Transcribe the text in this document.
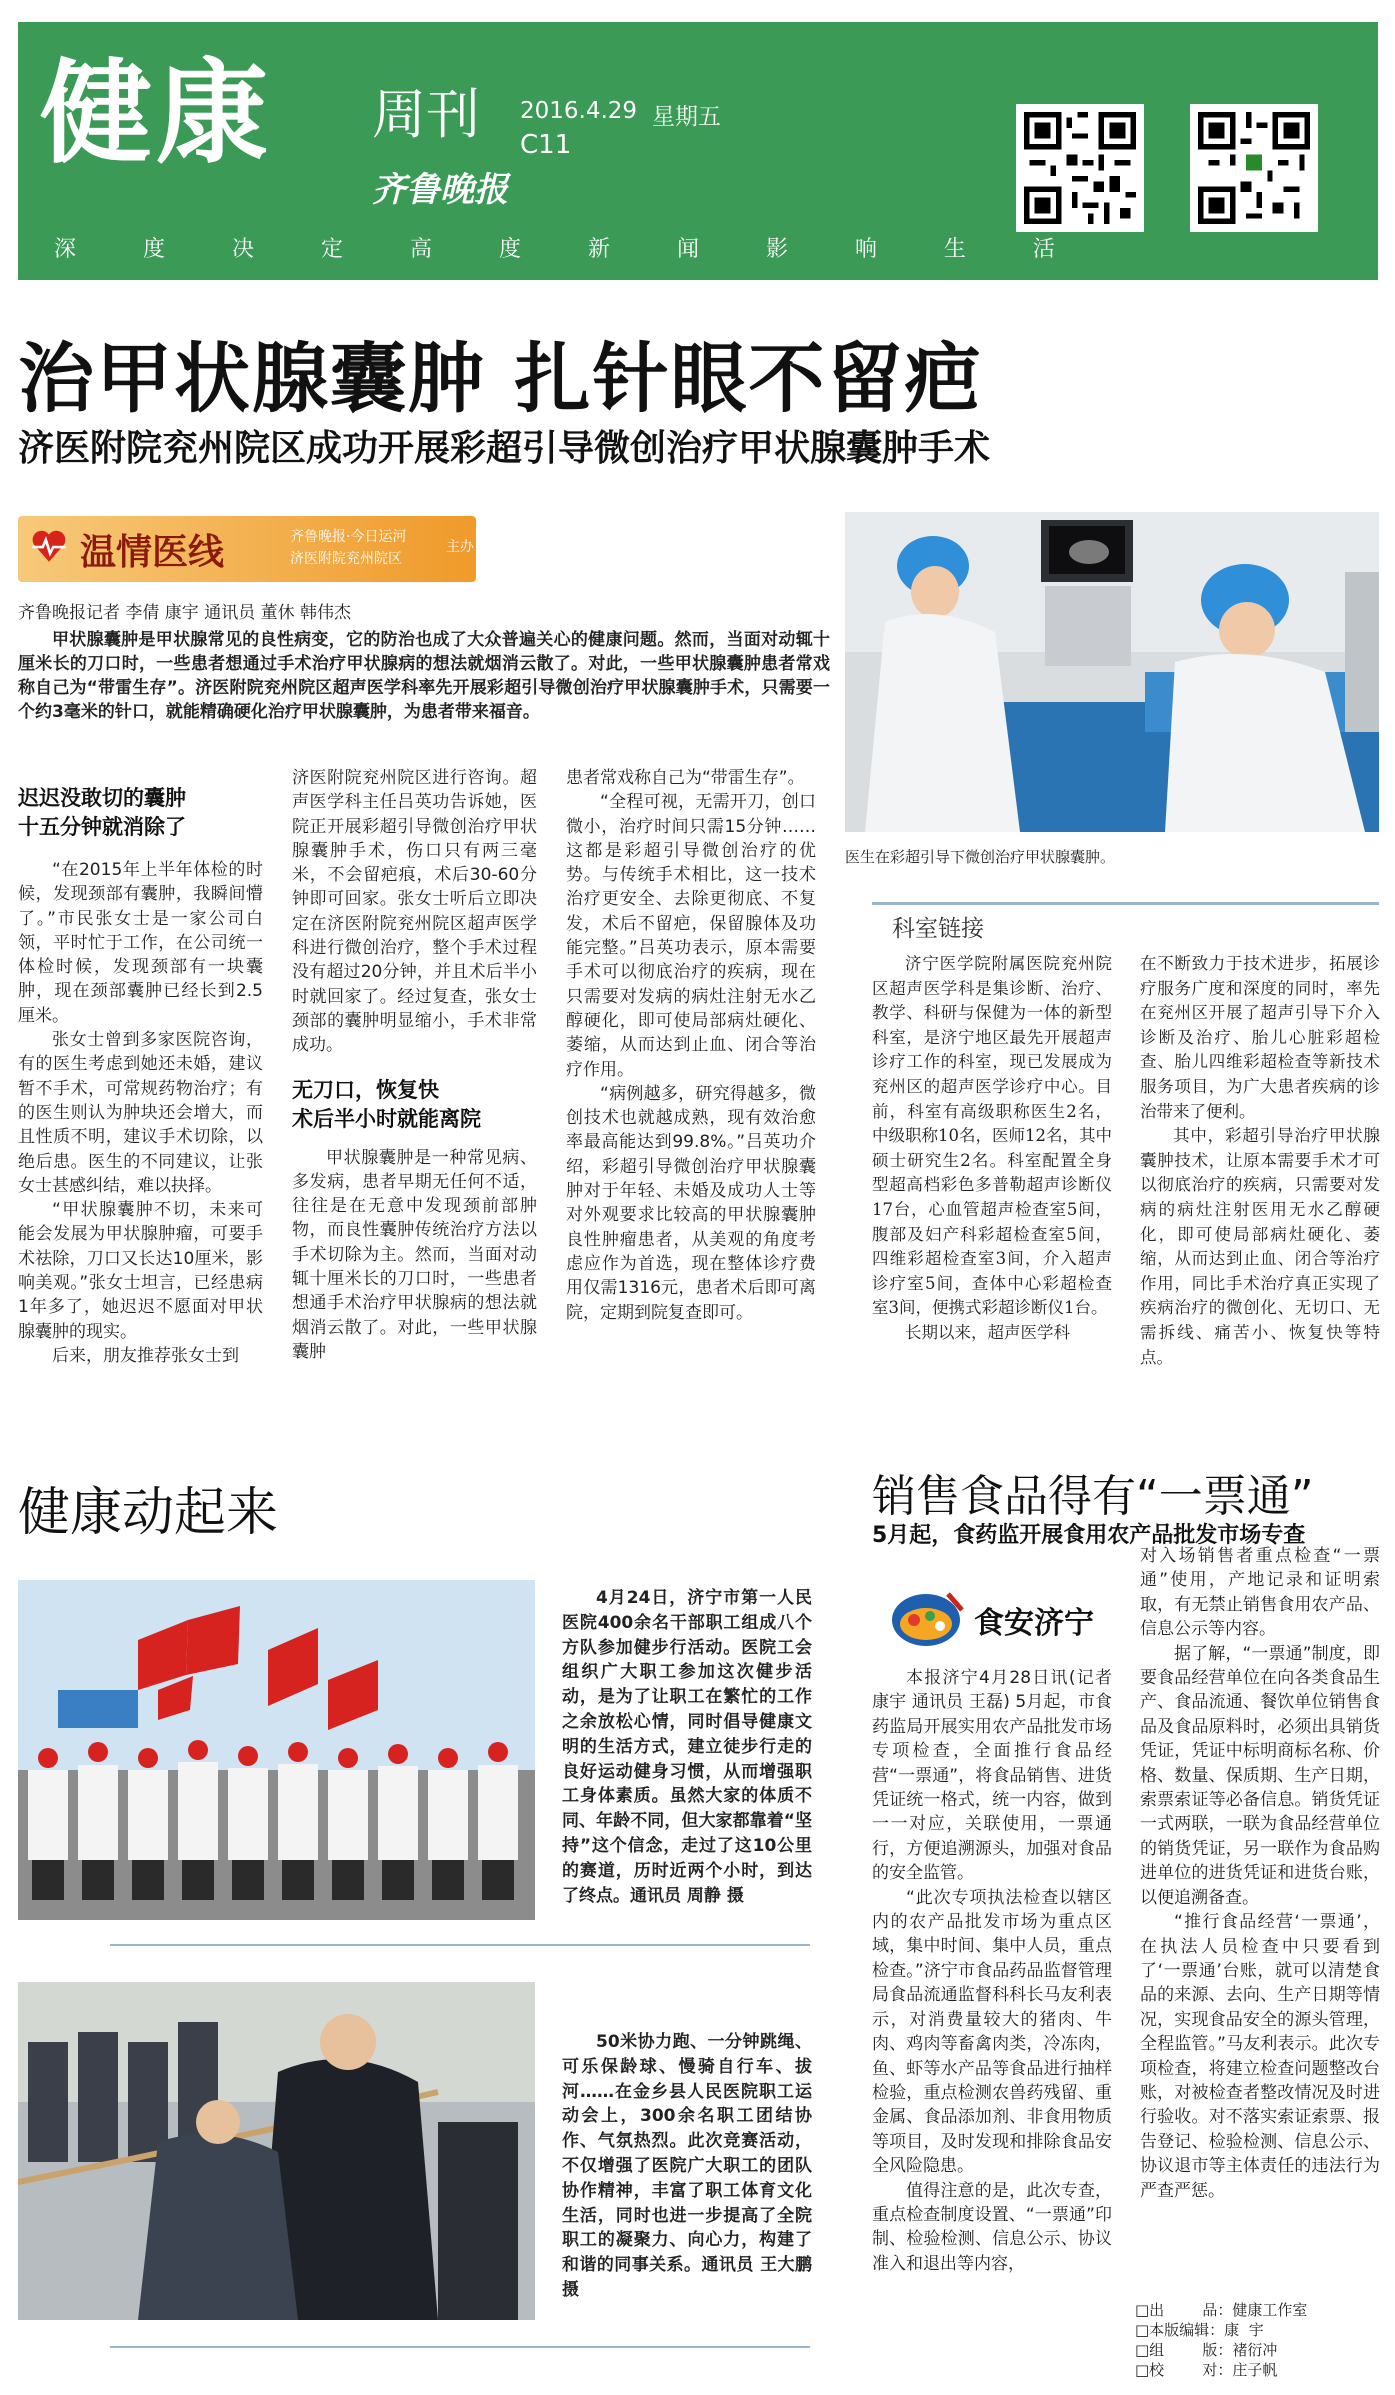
健康 周刊 2016.4.29 星期五
C11
齐鲁晚报
深 度 决 定 高 度 新 闻 影 响 生 活
治甲状腺囊肿 扎针眼不留疤
济医附院兖州院区成功开展彩超引导微创治疗甲状腺囊肿手术
温情医线	齐鲁晚报·今日运河
济医附院兖州院区
主办
齐鲁晚报记者 李倩 康宇 通讯员 董休 韩伟杰

甲状腺囊肿是甲状腺常见的良性病变，它的防治也成了大众普遍关心的健康问题。然而，当面对动辄十厘米长的刀口时，一些患者想通过手术治疗甲状腺病的想法就烟消云散了。对此，一些甲状腺囊肿患者常戏称自己为“带雷生存”。济医附院兖州院区超声医学科率先开展彩超引导微创治疗甲状腺囊肿手术，只需要一个约3毫米的针口，就能精确硬化治疗甲状腺囊肿，为患者带来福音。

迟迟没敢切的囊肿
十五分钟就消除了

“在2015年上半年体检的时候，发现颈部有囊肿，我瞬间懵了。”市民张女士是一家公司白领，平时忙于工作，在公司统一体检时候，发现颈部有一块囊肿，现在颈部囊肿已经长到2.5厘米。

张女士曾到多家医院咨询，有的医生考虑到她还未婚，建议暂不手术，可常规药物治疗；有的医生则认为肿块还会增大，而且性质不明，建议手术切除，以绝后患。医生的不同建议，让张女士甚感纠结，难以抉择。

“甲状腺囊肿不切，未来可能会发展为甲状腺肿瘤，可要手术祛除，刀口又长达10厘米，影响美观。”张女士坦言，已经患病1年多了，她迟迟不愿面对甲状腺囊肿的现实。

后来，朋友推荐张女士到

济医附院兖州院区进行咨询。超声医学科主任吕英功告诉她，医院正开展彩超引导微创治疗甲状腺囊肿手术，伤口只有两三毫米，不会留疤痕，术后30-60分钟即可回家。张女士听后立即决定在济医附院兖州院区超声医学科进行微创治疗，整个手术过程没有超过20分钟，并且术后半小时就回家了。经过复查，张女士颈部的囊肿明显缩小，手术非常成功。

无刀口，恢复快
术后半小时就能离院

甲状腺囊肿是一种常见病、多发病，患者早期无任何不适，往往是在无意中发现颈前部肿物，而良性囊肿传统治疗方法以手术切除为主。然而，当面对动辄十厘米长的刀口时，一些患者想通手术治疗甲状腺病的想法就烟消云散了。对此，一些甲状腺囊肿

患者常戏称自己为“带雷生存”。

“全程可视，无需开刀，创口微小，治疗时间只需15分钟……这都是彩超引导微创治疗的优势。与传统手术相比，这一技术治疗更安全、去除更彻底、不复发，术后不留疤，保留腺体及功能完整。”吕英功表示，原本需要手术可以彻底治疗的疾病，现在只需要对发病的病灶注射无水乙醇硬化，即可使局部病灶硬化、萎缩，从而达到止血、闭合等治疗作用。

“病例越多，研究得越多，微创技术也就越成熟，现有效治愈率最高能达到99.8%。”吕英功介绍，彩超引导微创治疗甲状腺囊肿对于年轻、未婚及成功人士等对外观要求比较高的甲状腺囊肿良性肿瘤患者，从美观的角度考虑应作为首选，现在整体诊疗费用仅需1316元，患者术后即可离院，定期到院复查即可。

医生在彩超引导下微创治疗甲状腺囊肿。
科室链接

济宁医学院附属医院兖州院区超声医学科是集诊断、治疗、教学、科研与保健为一体的新型科室，是济宁地区最先开展超声诊疗工作的科室，现已发展成为兖州区的超声医学诊疗中心。目前，科室有高级职称医生2名，中级职称10名，医师12名，其中硕士研究生2名。科室配置全身型超高档彩色多普勒超声诊断仪17台，心血管超声检查室5间，腹部及妇产科彩超检查室5间，四维彩超检查室3间，介入超声诊疗室5间，查体中心彩超检查室3间，便携式彩超诊断仪1台。

长期以来，超声医学科

在不断致力于技术进步，拓展诊疗服务广度和深度的同时，率先在兖州区开展了超声引导下介入诊断及治疗、胎儿心脏彩超检查、胎儿四维彩超检查等新技术服务项目，为广大患者疾病的诊治带来了便利。

其中，彩超引导治疗甲状腺囊肿技术，让原本需要手术才可以彻底治疗的疾病，只需要对发病的病灶注射医用无水乙醇硬化，即可使局部病灶硬化、萎缩，从而达到止血、闭合等治疗作用，同比手术治疗真正实现了疾病治疗的微创化、无切口、无需拆线、痛苦小、恢复快等特点。

健康动起来

4月24日，济宁市第一人民医院400余名干部职工组成八个方队参加健步行活动。医院工会组织广大职工参加这次健步活动，是为了让职工在繁忙的工作之余放松心情，同时倡导健康文明的生活方式，建立徒步行走的良好运动健身习惯，从而增强职工身体素质。虽然大家的体质不同、年龄不同，但大家都靠着“坚持”这个信念，走过了这10公里的赛道，历时近两个小时，到达了终点。通讯员 周静 摄

50米协力跑、一分钟跳绳、可乐保龄球、慢骑自行车、拔河……在金乡县人民医院职工运动会上，300余名职工团结协作、气氛热烈。此次竞赛活动，不仅增强了医院广大职工的团队协作精神，丰富了职工体育文化生活，同时也进一步提高了全院职工的凝聚力、向心力，构建了和谐的同事关系。通讯员 王大鹏 摄

销售食品得有“一票通”
5月起，食药监开展食用农产品批发市场专查
食安济宁

本报济宁4月28日讯(记者 康宇 通讯员 王磊) 5月起，市食药监局开展实用农产品批发市场专项检查，全面推行食品经营“一票通”，将食品销售、进货凭证统一格式，统一内容，做到一一对应，关联使用，一票通行，方便追溯源头，加强对食品的安全监管。

“此次专项执法检查以辖区内的农产品批发市场为重点区域，集中时间、集中人员，重点检查。”济宁市食品药品监督管理局食品流通监督科科长马友利表示，对消费量较大的猪肉、牛肉、鸡肉等畜禽肉类，冷冻肉，鱼、虾等水产品等食品进行抽样检验，重点检测农兽药残留、重金属、食品添加剂、非食用物质等项目，及时发现和排除食品安全风险隐患。

值得注意的是，此次专查，重点检查制度设置、“一票通”印制、检验检测、信息公示、协议准入和退出等内容，

对入场销售者重点检查“一票通”使用，产地记录和证明索取，有无禁止销售食用农产品、信息公示等内容。

据了解，“一票通”制度，即要食品经营单位在向各类食品生产、食品流通、餐饮单位销售食品及食品原料时，必须出具销货凭证，凭证中标明商标名称、价格、数量、保质期、生产日期，索票索证等必备信息。销货凭证一式两联，一联为食品经营单位的销货凭证，另一联作为食品购进单位的进货凭证和进货台账，以便追溯备查。

“推行食品经营‘一票通’，在执法人员检查中只要看到了‘一票通’台账，就可以清楚食品的来源、去向、生产日期等情况，实现食品安全的源头管理，全程监管。”马友利表示。此次专项检查，将建立检查问题整改台账，对被检查者整改情况及时进行验收。对不落实索证索票、报告登记、检验检测、信息公示、协议退市等主体责任的违法行为严查严惩。

□出        品：健康工作室
□本版编辑：康  宇
□组        版：褚衍冲
□校        对：庄子帆
